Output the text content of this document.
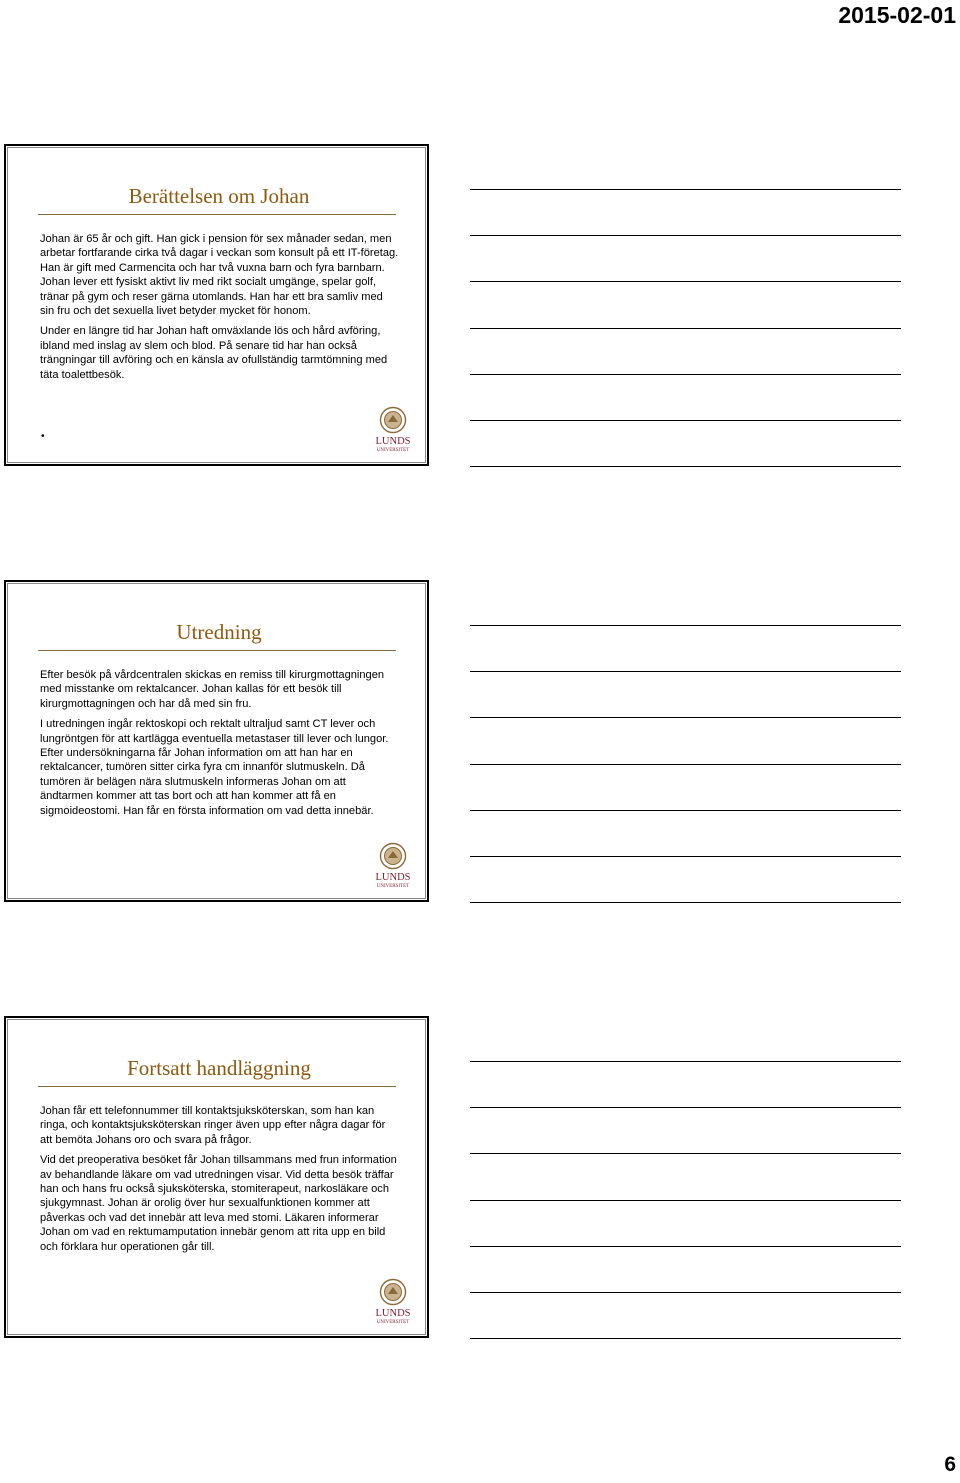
2015-02-01
Berättelsen om Johan

Johan är 65 år och gift. Han gick i pension för sex månader sedan, men arbetar fortfarande cirka två dagar i veckan som konsult på ett IT-företag. Han är gift med Carmencita och har två vuxna barn och fyra barnbarn. Johan lever ett fysiskt aktivt liv med rikt socialt umgänge, spelar golf, tränar på gym och reser gärna utomlands. Han har ett bra samliv med sin fru och det sexuella livet betyder mycket för honom.

Under en längre tid har Johan haft omväxlande lös och hård avföring, ibland med inslag av slem och blod. På senare tid har han också trängningar till avföring och en känsla av ofullständig tarmtömning med täta toalettbesök.

•	LUNDS
UNIVERSITET
Utredning

Efter besök på vårdcentralen skickas en remiss till kirurgmottagningen med misstanke om rektalcancer. Johan kallas för ett besök till kirurgmottagningen och har då med sin fru.

I utredningen ingår rektoskopi och rektalt ultraljud samt CT lever och lungröntgen för att kartlägga eventuella metastaser till lever och lungor. Efter undersökningarna får Johan information om att han har en rektalcancer, tumören sitter cirka fyra cm innanför slutmuskeln. Då tumören är belägen nära slutmuskeln informeras Johan om att ändtarmen kommer att tas bort och att han kommer att få en sigmoideostomi. Han får en första information om vad detta innebär.

LUNDS
UNIVERSITET
Fortsatt handläggning

Johan får ett telefonnummer till kontaktsjuksköterskan, som han kan ringa, och kontaktsjuksköterskan ringer även upp efter några dagar för att bemöta Johans oro och svara på frågor.

Vid det preoperativa besöket får Johan tillsammans med frun information av behandlande läkare om vad utredningen visar. Vid detta besök träffar han och hans fru också sjuksköterska, stomiterapeut, narkosläkare och sjukgymnast. Johan är orolig över hur sexualfunktionen kommer att påverkas och vad det innebär att leva med stomi. Läkaren informerar Johan om vad en rektumamputation innebär genom att rita upp en bild och förklara hur operationen går till.

LUNDS
UNIVERSITET
6
